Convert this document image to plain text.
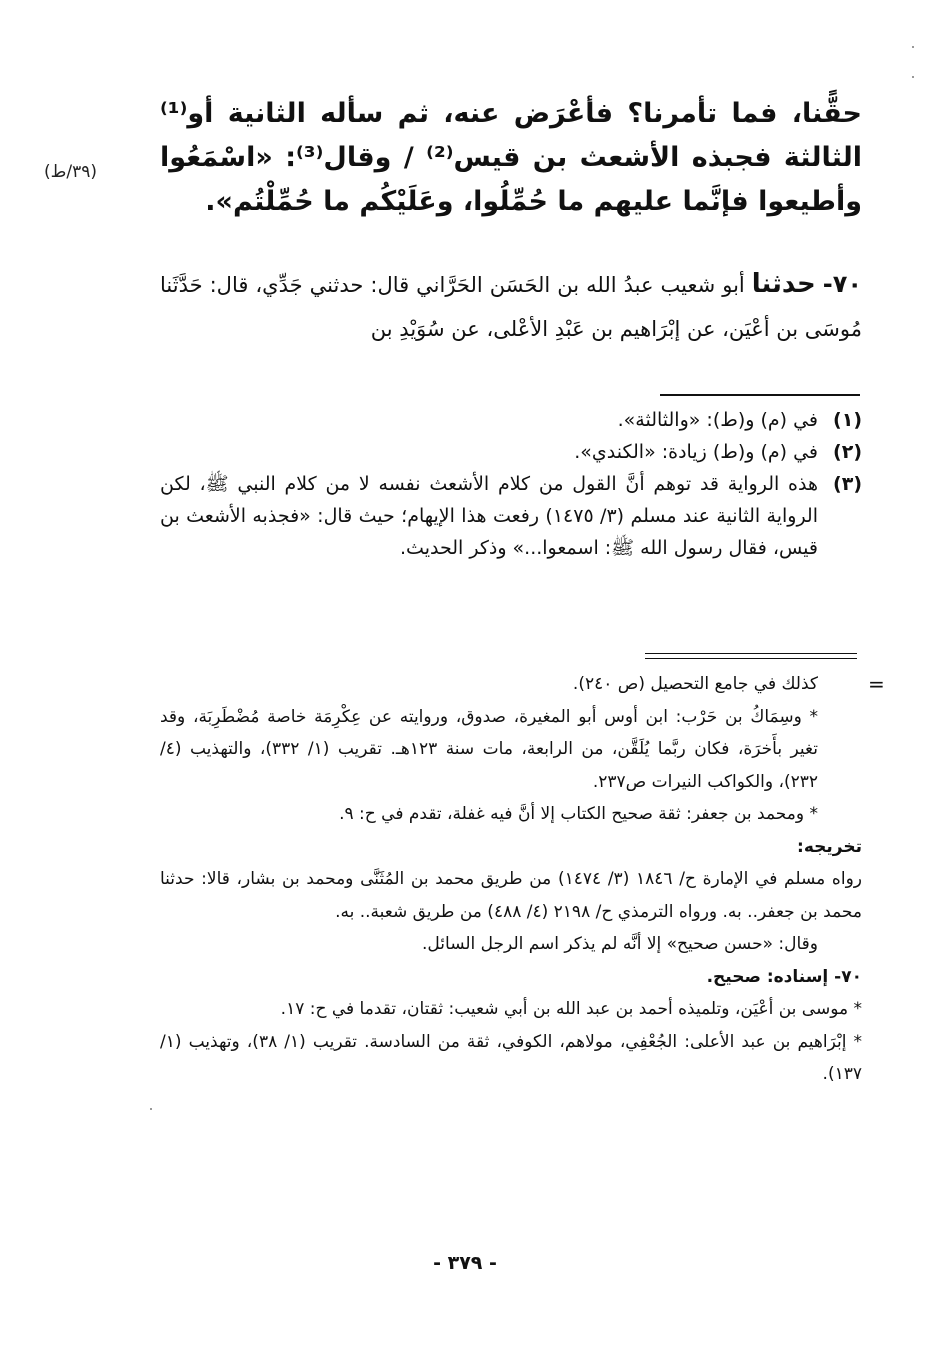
حقًّنا، فما تأمرنا؟ فأعْرَض عنه، ثم سأله الثانية أو⁽¹⁾ الثالثة فجبذه الأشعث بن قيس⁽²⁾ / وقال⁽³⁾: «اسْمَعُوا وأطيعوا فإنَّما عليهم ما حُمِّلُوا، وعَلَيْكُم ما حُمِّلْتُم».
(٣٩/ط)
٧٠- حدثنا أبو شعيب عبدُ الله بن الحَسَن الحَرَّاني قال: حدثني جَدِّي، قال: حَدَّثَنا مُوسَى بن أعْيَن، عن إبْرَاهيم بن عَبْدِ الأعْلى، عن سُوَيْدِ بن
(١)
في (م) و(ط): «والثالثة».
(٢)
في (م) و(ط) زيادة: «الكندي».
(٣)
هذه الرواية قد توهم أنَّ القول من كلام الأشعث نفسه لا من كلام النبي ﷺ، لكن الرواية الثانية عند مسلم (٣/ ١٤٧٥) رفعت هذا الإيهام؛ حيث قال: «فجذبه الأشعث بن قيس، فقال رسول الله ﷺ: اسمعوا...» وذكر الحديث.
=

كذلك في جامع التحصيل (ص ٢٤٠).

* وسِمَاكُ بن حَرْب: ابن أوس أبو المغيرة، صدوق، وروايته عن عِكْرِمَة خاصة مُضْطَرِبَة، وقد تغير بأَخرَة، فكان ربَّما يُلَقَّن، من الرابعة، مات سنة ١٢٣هـ. تقريب (١/ ٣٣٢)، والتهذيب (٤/ ٢٣٢)، والكواكب النيرات ص٢٣٧.

* ومحمد بن جعفر: ثقة صحيح الكتاب إلا أنَّ فيه غفلة، تقدم في ح: ٩.

تخريجه:

رواه مسلم في الإمارة ح/ ١٨٤٦ (٣/ ١٤٧٤) من طريق محمد بن المُثَنَّى ومحمد بن بشار، قالا: حدثنا محمد بن جعفر.. به. ورواه الترمذي ح/ ٢١٩٨ (٤/ ٤٨٨) من طريق شعبة.. به.

وقال: «حسن صحيح» إلا أنَّه لم يذكر اسم الرجل السائل.

٧٠- إسناده: صحيح.

* موسى بن أعْيَن، وتلميذه أحمد بن عبد الله بن أبي شعيب: ثقتان، تقدما في ح: ١٧.

* إبْرَاهيم بن عبد الأعلى: الجُعْفِي، مولاهم، الكوفي، ثقة من السادسة. تقريب (١/ ٣٨)، وتهذيب (١/ ١٣٧).

- ٣٧٩ -
